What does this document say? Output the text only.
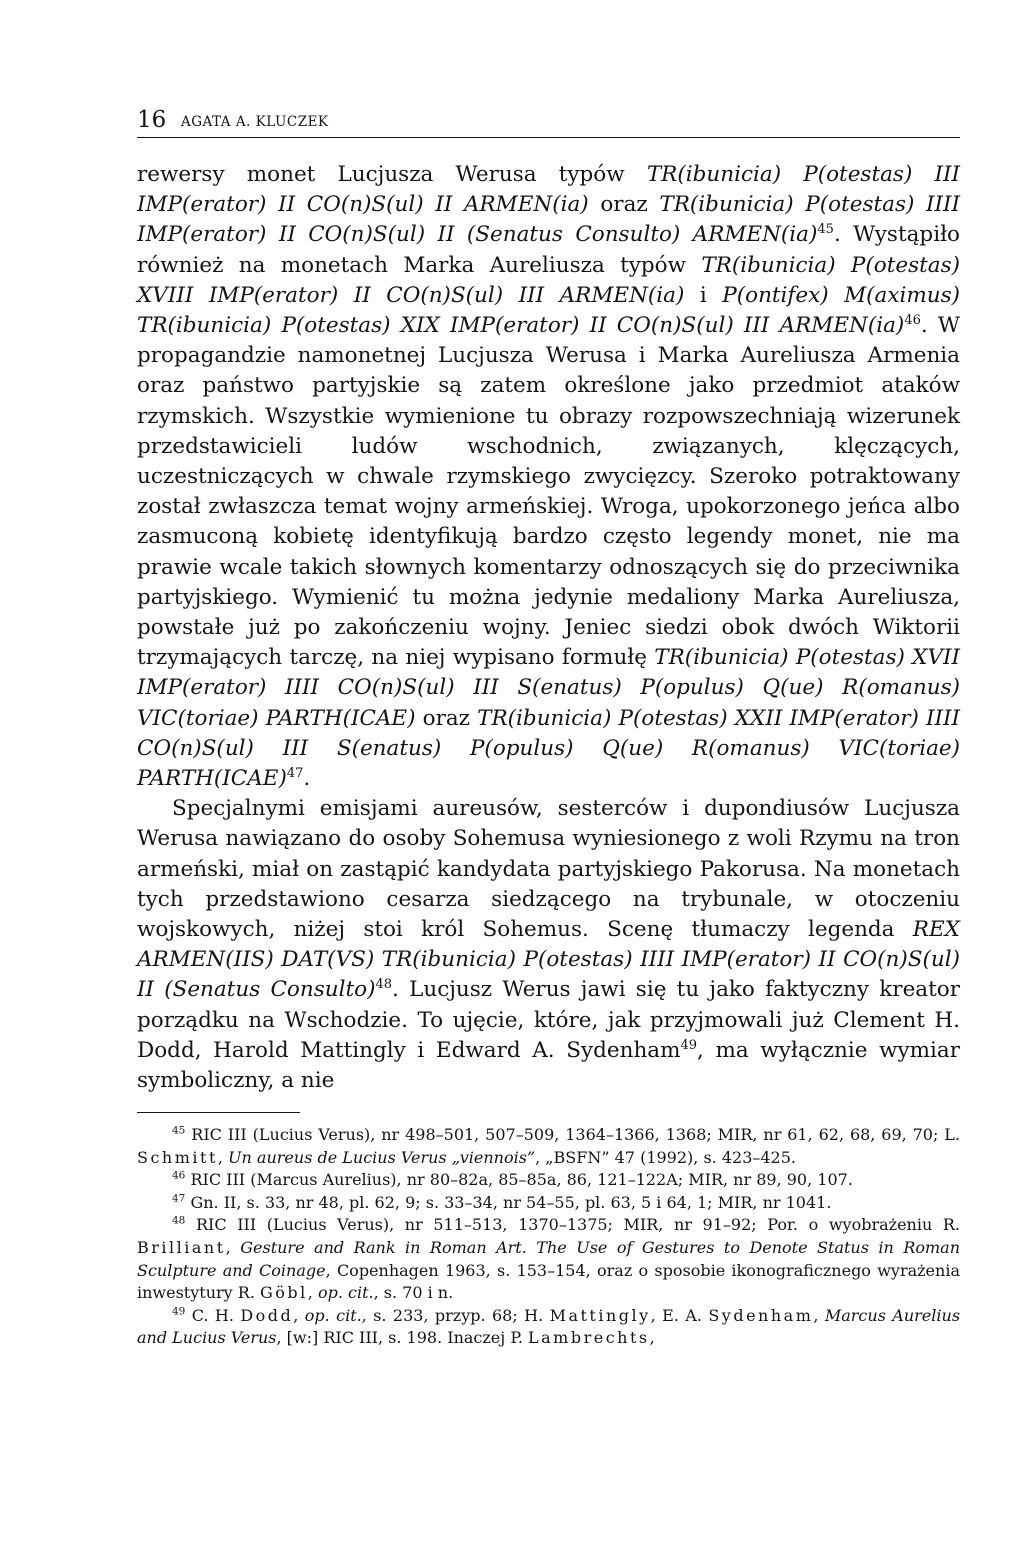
16 AGATA A. KLUCZEK

rewersy monet Lucjusza Werusa typów TR(ibunicia) P(otestas) III IMP(erator) II CO(n)S(ul) II ARMEN(ia) oraz TR(ibunicia) P(otestas) IIII IMP(erator) II CO(n)S(ul) II (Senatus Consulto) ARMEN(ia)$^{45}$. Wystąpiło również na monetach Marka Aureliusza typów TR(ibunicia) P(otestas) XVIII IMP(erator) II CO(n)S(ul) III ARMEN(ia) i P(ontifex) M(aximus) TR(ibunicia) P(otestas) XIX IMP(erator) II CO(n)S(ul) III ARMEN(ia)$^{46}$. W propagandzie namonetnej Lucjusza Werusa i Marka Aureliusza Armenia oraz państwo partyjskie są zatem określone jako przedmiot ataków rzymskich. Wszystkie wymienione tu obrazy rozpowszechniają wizerunek przedstawicieli ludów wschodnich, związanych, klęczących, uczestniczących w chwale rzymskiego zwycięzcy. Szeroko potraktowany został zwłaszcza temat wojny armeńskiej. Wroga, upokorzonego jeńca albo zasmuconą kobietę identyfikują bardzo często legendy monet, nie ma prawie wcale takich słownych komentarzy odnoszących się do przeciwnika partyjskiego. Wymienić tu można jedynie medaliony Marka Aureliusza, powstałe już po zakończeniu wojny. Jeniec siedzi obok dwóch Wiktorii trzymających tarczę, na niej wypisano formułę TR(ibunicia) P(otestas) XVII IMP(erator) IIII CO(n)S(ul) III S(enatus) P(opulus) Q(ue) R(omanus) VIC(toriae) PARTH(ICAE) oraz TR(ibunicia) P(otestas) XXII IMP(erator) IIII CO(n)S(ul) III S(enatus) P(opulus) Q(ue) R(omanus) VIC(toriae) PARTH(ICAE)$^{47}$.

Specjalnymi emisjami aureusów, sesterców i dupondiusów Lucjusza Werusa nawiązano do osoby Sohemusa wyniesionego z woli Rzymu na tron armeński, miał on zastąpić kandydata partyjskiego Pakorusa. Na monetach tych przedstawiono cesarza siedzącego na trybunale, w otoczeniu wojskowych, niżej stoi król Sohemus. Scenę tłumaczy legenda REX ARMEN(IIS) DAT(VS) TR(ibunicia) P(otestas) IIII IMP(erator) II CO(n)S(ul) II (Senatus Consulto)$^{48}$. Lucjusz Werus jawi się tu jako faktyczny kreator porządku na Wschodzie. To ujęcie, które, jak przyjmowali już Clement H. Dodd, Harold Mattingly i Edward A. Sydenham$^{49}$, ma wyłącznie wymiar symboliczny, a nie

$^{45}$ RIC III (Lucius Verus), nr 498–501, 507–509, 1364–1366, 1368; MIR, nr 61, 62, 68, 69, 70; L. Schmitt, Un aureus de Lucius Verus „viennois”, „BSFN” 47 (1992), s. 423–425.

$^{46}$ RIC III (Marcus Aurelius), nr 80–82a, 85–85a, 86, 121–122A; MIR, nr 89, 90, 107.

$^{47}$ Gn. II, s. 33, nr 48, pl. 62, 9; s. 33–34, nr 54–55, pl. 63, 5 i 64, 1; MIR, nr 1041.

$^{48}$ RIC III (Lucius Verus), nr 511–513, 1370–1375; MIR, nr 91–92; Por. o wyobrażeniu R. Brilliant, Gesture and Rank in Roman Art. The Use of Gestures to Denote Status in Roman Sculpture and Coinage, Copenhagen 1963, s. 153–154, oraz o sposobie ikonograficznego wyrażenia inwestytury R. Göbl, op. cit., s. 70 i n.

$^{49}$ C. H. Dodd, op. cit., s. 233, przyp. 68; H. Mattingly, E. A. Sydenham, Marcus Aurelius and Lucius Verus, [w:] RIC III, s. 198. Inaczej P. Lambrechts,
